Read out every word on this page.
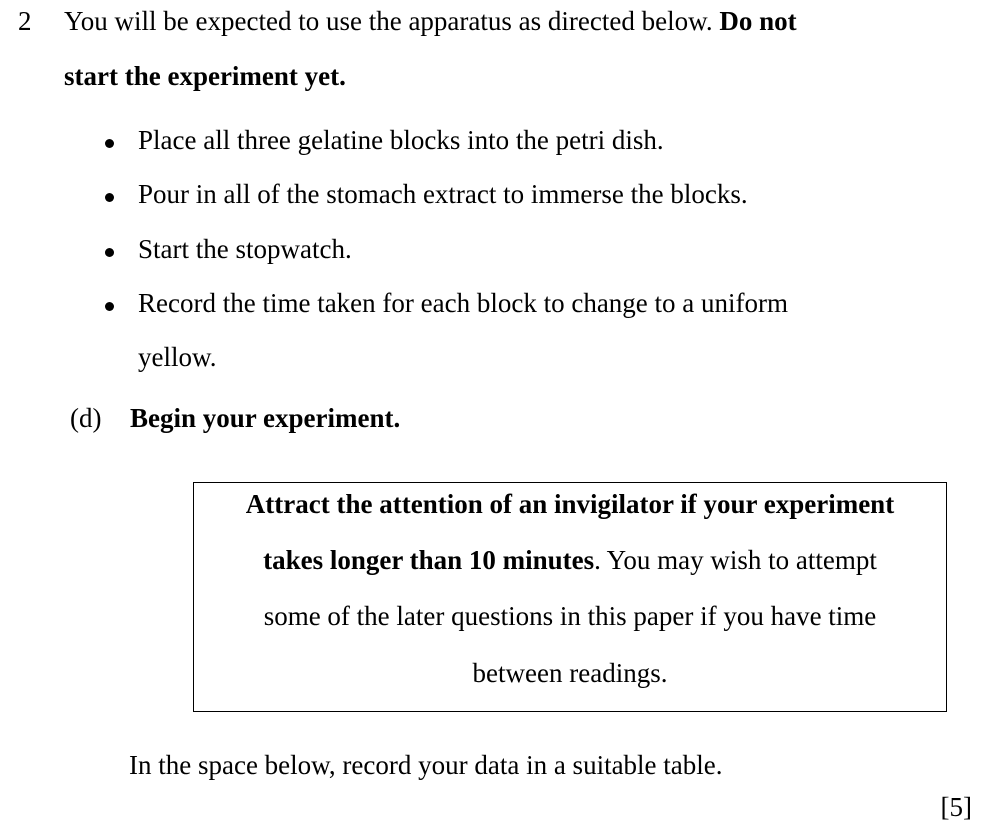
2 You will be expected to use the apparatus as directed below. Do not
start the experiment yet.
Place all three gelatine blocks into the petri dish.
Pour in all of the stomach extract to immerse the blocks.
Start the stopwatch.
Record the time taken for each block to change to a uniform
yellow.
(d) Begin your experiment.
Attract the attention of an invigilator if your experiment
takes longer than 10 minutes. You may wish to attempt
some of the later questions in this paper if you have time
between readings.
In the space below, record your data in a suitable table.
[5]
